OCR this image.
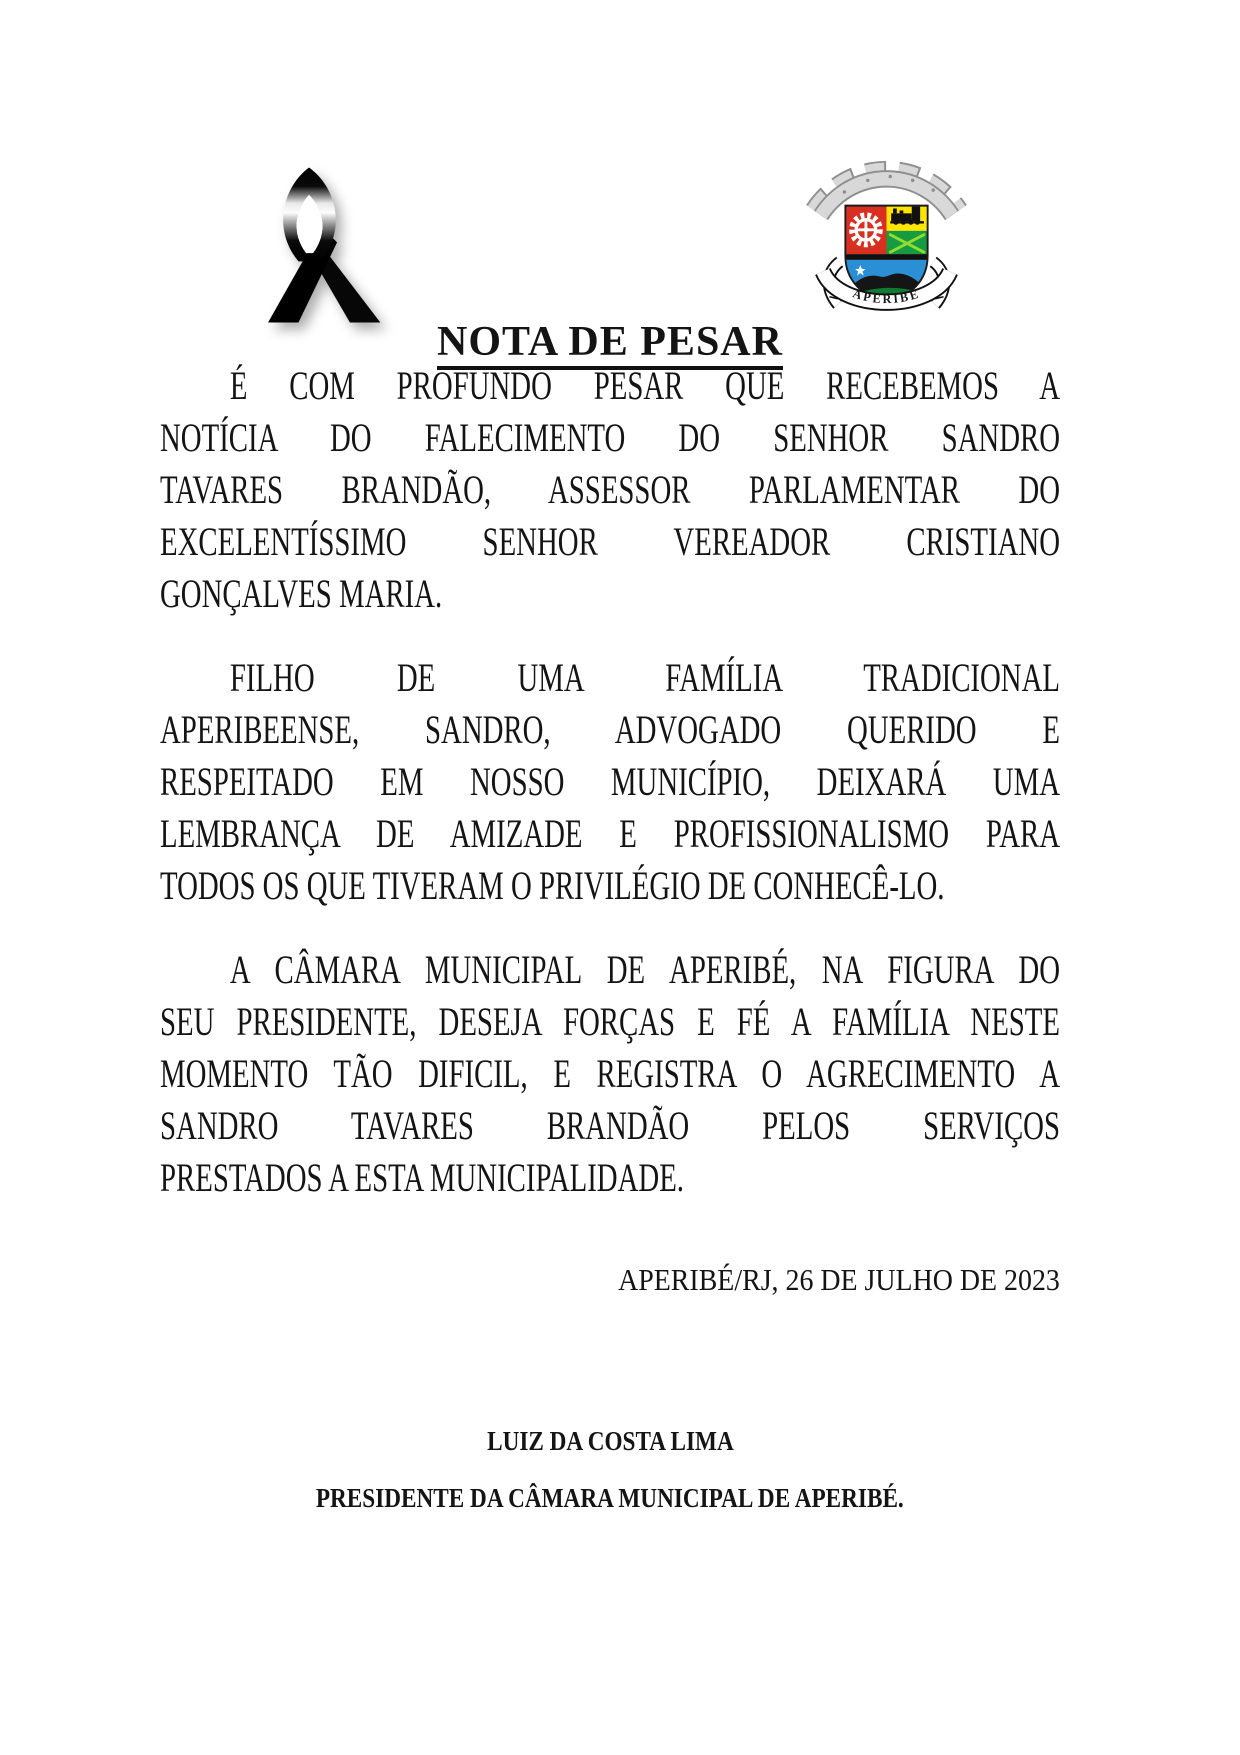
APERIBÉ
NOTA DE PESAR
É COM PROFUNDO PESAR QUE RECEBEMOS A
NOTÍCIA DO FALECIMENTO DO SENHOR SANDRO
TAVARES BRANDÃO, ASSESSOR PARLAMENTAR DO
EXCELENTÍSSIMO SENHOR VEREADOR CRISTIANO
GONÇALVES MARIA.
FILHO DE UMA FAMÍLIA TRADICIONAL
APERIBEENSE, SANDRO, ADVOGADO QUERIDO E
RESPEITADO EM NOSSO MUNICÍPIO, DEIXARÁ UMA
LEMBRANÇA DE AMIZADE E PROFISSIONALISMO PARA
TODOS OS QUE TIVERAM O PRIVILÉGIO DE CONHECÊ-LO.
A CÂMARA MUNICIPAL DE APERIBÉ, NA FIGURA DO
SEU PRESIDENTE, DESEJA FORÇAS E FÉ A FAMÍLIA NESTE
MOMENTO TÃO DIFICIL, E REGISTRA O AGRECIMENTO A
SANDRO TAVARES BRANDÃO PELOS SERVIÇOS
PRESTADOS A ESTA MUNICIPALIDADE.
APERIBÉ/RJ, 26 DE JULHO DE 2023
LUIZ DA COSTA LIMA
PRESIDENTE DA CÂMARA MUNICIPAL DE APERIBÉ.
